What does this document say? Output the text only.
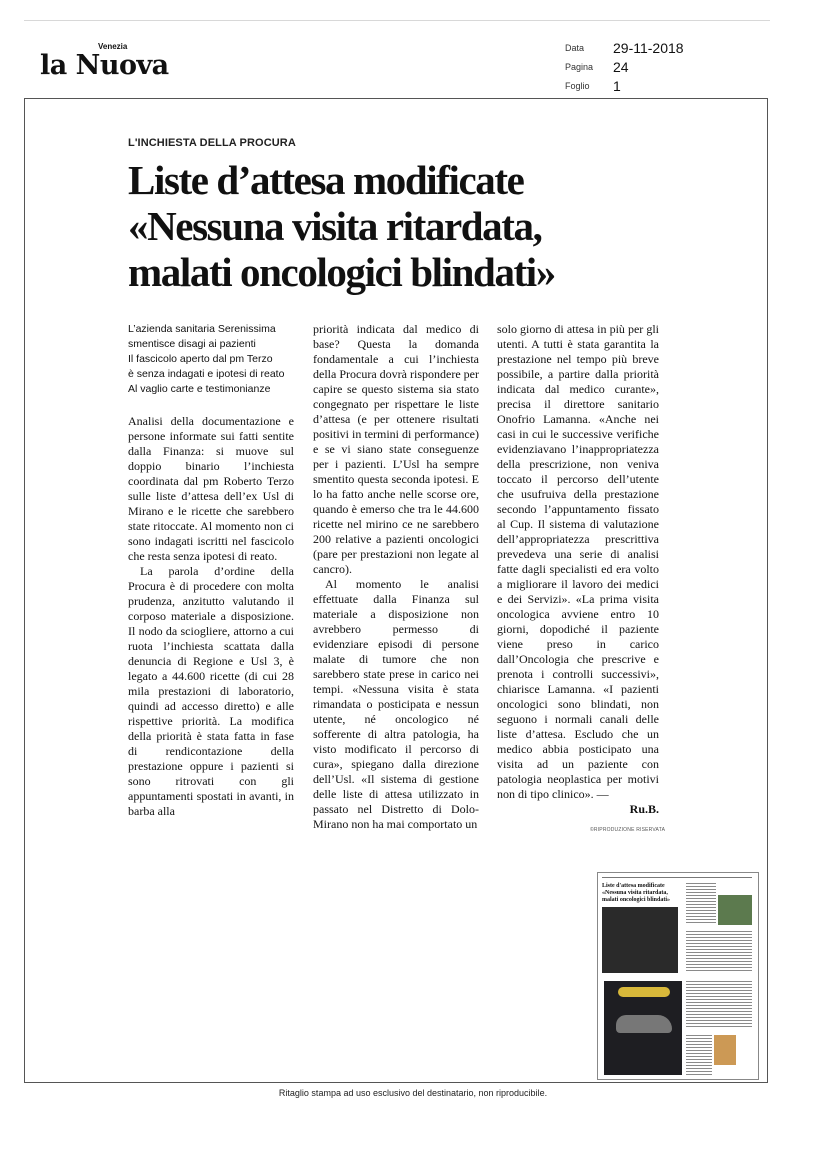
Venezia
la Nuova
Data	29-11-2018
Pagina	24
Foglio	1
L'INCHIESTA DELLA PROCURA
Liste d’attesa modificate
«Nessuna visita ritardata,
malati oncologici blindati»
L’azienda sanitaria Serenissima
smentisce disagi ai pazienti
Il fascicolo aperto dal pm Terzo
è senza indagati e ipotesi di reato
Al vaglio carte e testimonianze

Analisi della documentazione e persone informate sui fatti sentite dalla Finanza: si muove sul doppio binario l’inchiesta coordinata dal pm Roberto Terzo sulle liste d’attesa dell’ex Usl di Mirano e le ricette che sarebbero state ritoccate. Al momento non ci sono indagati iscritti nel fascicolo che resta senza ipotesi di reato.

La parola d’ordine della Procura è di procedere con molta prudenza, anzitutto valutando il corposo materiale a disposizione. Il nodo da sciogliere, attorno a cui ruota l’inchiesta scattata dalla denuncia di Regione e Usl 3, è legato a 44.600 ricette (di cui 28 mila prestazioni di laboratorio, quindi ad accesso diretto) e alle rispettive priorità. La modifica della priorità è stata fatta in fase di rendicontazione della prestazione oppure i pazienti si sono ritrovati con gli appuntamenti spostati in avanti, in barba alla

priorità indicata dal medico di base? Questa la domanda fondamentale a cui l’inchiesta della Procura dovrà rispondere per capire se questo sistema sia stato congegnato per rispettare le liste d’attesa (e per ottenere risultati positivi in termini di performance) e se vi siano state conseguenze per i pazienti. L’Usl ha sempre smentito questa seconda ipotesi. E lo ha fatto anche nelle scorse ore, quando è emerso che tra le 44.600 ricette nel mirino ce ne sarebbero 200 relative a pazienti oncologici (pare per prestazioni non legate al cancro).

Al momento le analisi effettuate dalla Finanza sul materiale a disposizione non avrebbero permesso di evidenziare episodi di persone malate di tumore che non sarebbero state prese in carico nei tempi. «Nessuna visita è stata rimandata o posticipata e nessun utente, né oncologico né sofferente di altra patologia, ha visto modificato il percorso di cura», spiegano dalla direzione dell’Usl. «Il sistema di gestione delle liste di attesa utilizzato in passato nel Distretto di Dolo-Mirano non ha mai comportato un

solo giorno di attesa in più per gli utenti. A tutti è stata garantita la prestazione nel tempo più breve possibile, a partire dalla priorità indicata dal medico curante», precisa il direttore sanitario Onofrio Lamanna. «Anche nei casi in cui le successive verifiche evidenziavano l’inappropriatezza della prescrizione, non veniva toccato il percorso dell’utente che usufruiva della prestazione secondo l’appuntamento fissato al Cup. Il sistema di valutazione dell’appropriatezza prescrittiva prevedeva una serie di analisi fatte dagli specialisti ed era volto a migliorare il lavoro dei medici e dei Servizi». «La prima visita oncologica avviene entro 10 giorni, dopodiché il paziente viene preso in carico dall’Oncologia che prescrive e prenota i controlli successivi», chiarisce Lamanna. «I pazienti oncologici sono blindati, non seguono i normali canali delle liste d’attesa. Escludo che un medico abbia posticipato una visita ad un paziente con patologia neoplastica per motivi non di tipo clinico». —

Ru.B.

©RIPRODUZIONE RISERVATA
Liste d'attesa modificate
«Nessuna visita ritardata,
malati oncologici blindati»
Ritaglio stampa ad uso esclusivo del destinatario, non riproducibile.
